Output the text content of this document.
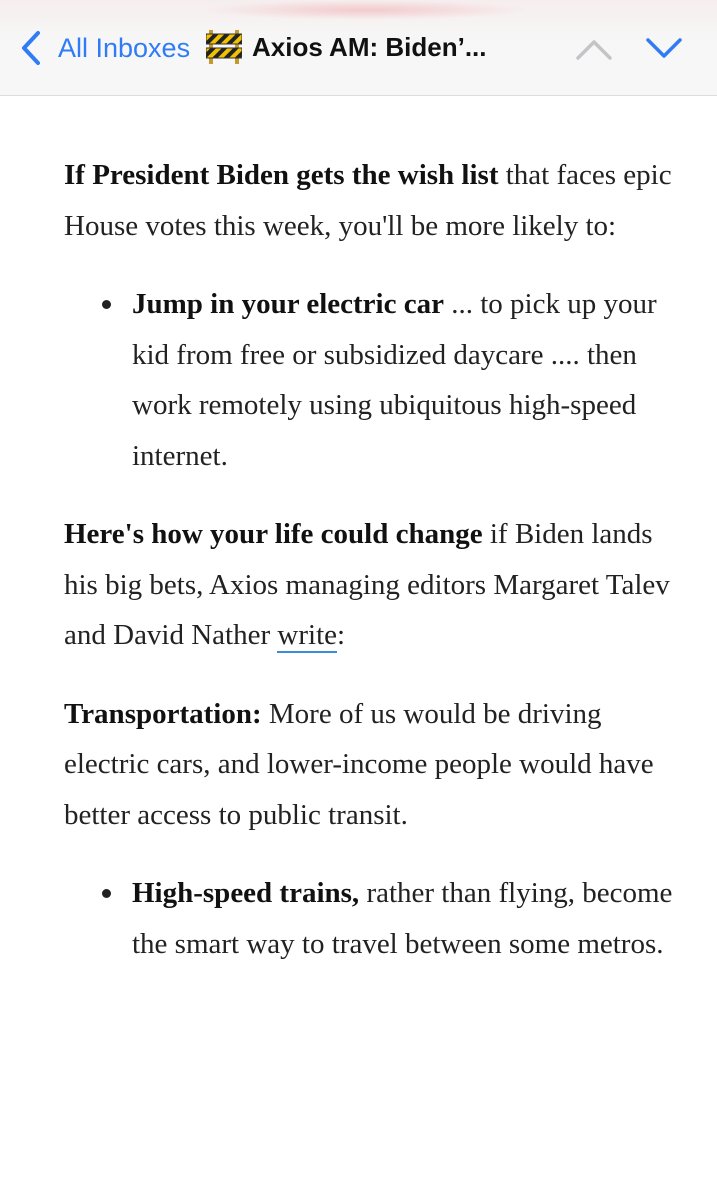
All Inboxes Axios AM: Biden’...

If President Biden gets the wish list that faces epic House votes this week, you'll be more likely to:

Jump in your electric car ... to pick up your kid from free or subsidized daycare .... then work remotely using ubiquitous high-speed internet.

Here's how your life could change if Biden lands his big bets, Axios managing editors Margaret Talev and David Nather write:

Transportation: More of us would be driving electric cars, and lower-income people would have better access to public transit.

High-speed trains, rather than flying, become the smart way to travel between some metros.
